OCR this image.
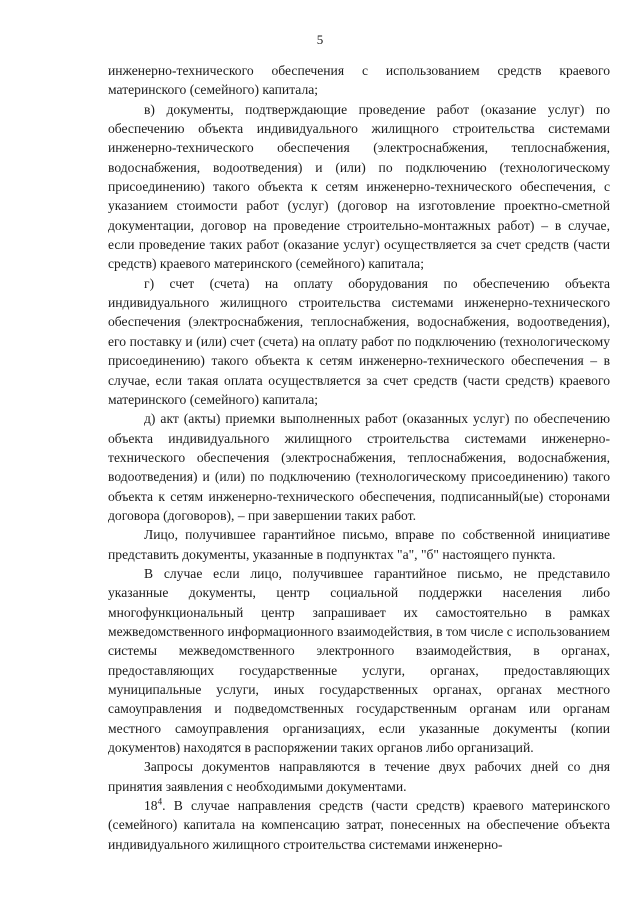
5

инженерно-технического обеспечения с использованием средств краевого материнского (семейного) капитала;

в) документы, подтверждающие проведение работ (оказание услуг) по обеспечению объекта индивидуального жилищного строительства системами инженерно-технического обеспечения (электроснабжения, теплоснабжения, водоснабжения, водоотведения) и (или) по подключению (технологическому присоединению) такого объекта к сетям инженерно-технического обеспечения, с указанием стоимости работ (услуг) (договор на изготовление проектно-сметной документации, договор на проведение строительно-монтажных работ) – в случае, если проведение таких работ (оказание услуг) осуществляется за счет средств (части средств) краевого материнского (семейного) капитала;

г) счет (счета) на оплату оборудования по обеспечению объекта индивидуального жилищного строительства системами инженерно-технического обеспечения (электроснабжения, теплоснабжения, водоснабжения, водоотведения), его поставку и (или) счет (счета) на оплату работ по подключению (технологическому присоединению) такого объекта к сетям инженерно-технического обеспечения – в случае, если такая оплата осуществляется за счет средств (части средств) краевого материнского (семейного) капитала;

д) акт (акты) приемки выполненных работ (оказанных услуг) по обеспечению объекта индивидуального жилищного строительства системами инженерно-технического обеспечения (электроснабжения, теплоснабжения, водоснабжения, водоотведения) и (или) по подключению (технологическому присоединению) такого объекта к сетям инженерно-технического обеспечения, подписанный(ые) сторонами договора (договоров), – при завершении таких работ.

Лицо, получившее гарантийное письмо, вправе по собственной инициативе представить документы, указанные в подпунктах "а", "б" настоящего пункта.

В случае если лицо, получившее гарантийное письмо, не представило указанные документы, центр социальной поддержки населения либо многофункциональный центр запрашивает их самостоятельно в рамках межведомственного информационного взаимодействия, в том числе с использованием системы межведомственного электронного взаимодействия, в органах, предоставляющих государственные услуги, органах, предоставляющих муниципальные услуги, иных государственных органах, органах местного самоуправления и подведомственных государственным органам или органам местного самоуправления организациях, если указанные документы (копии документов) находятся в распоряжении таких органов либо организаций.

Запросы документов направляются в течение двух рабочих дней со дня принятия заявления с необходимыми документами.

$18^4$. В случае направления средств (части средств) краевого материнского (семейного) капитала на компенсацию затрат, понесенных на обеспечение объекта индивидуального жилищного строительства системами инженерно-
